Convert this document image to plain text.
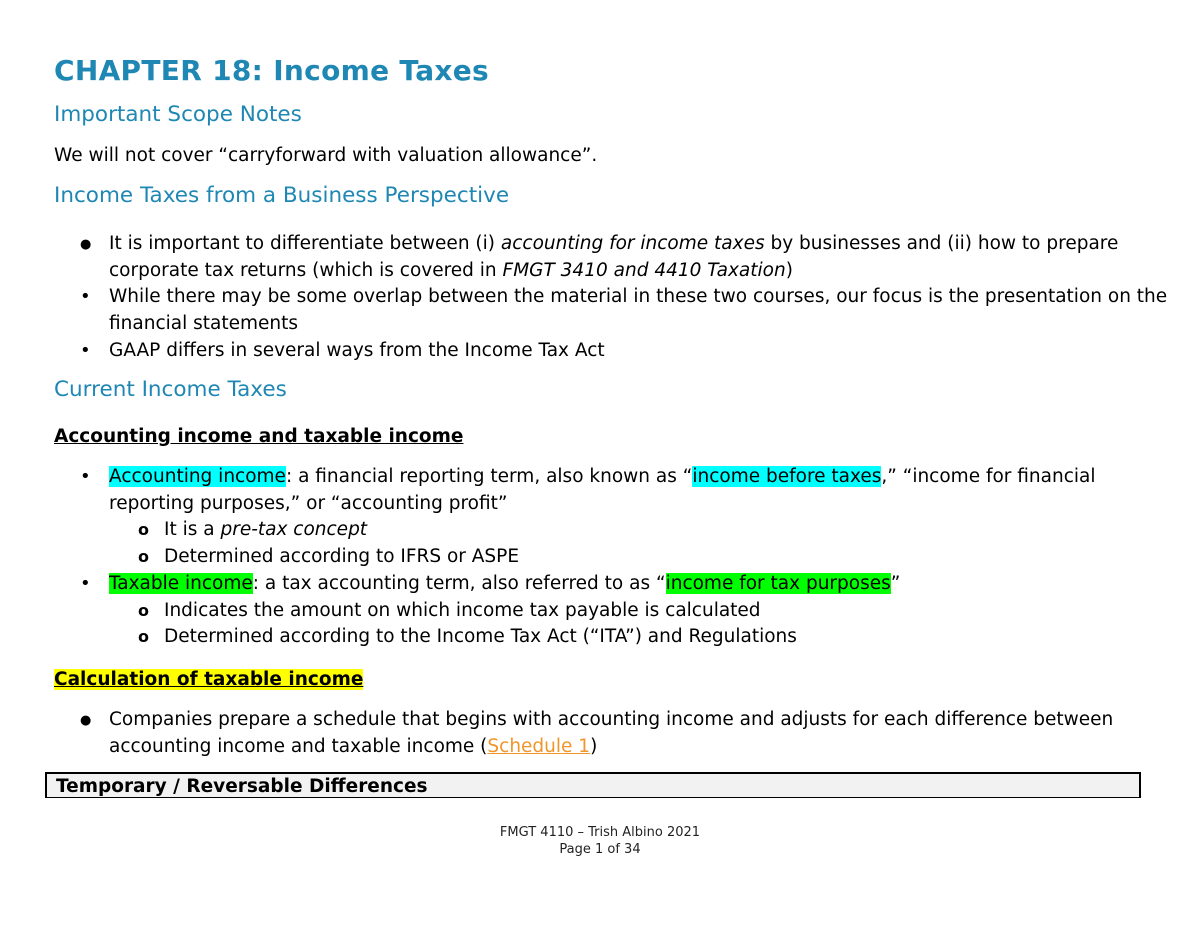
CHAPTER 18: Income Taxes
Important Scope Notes

We will not cover “carryforward with valuation allowance”.

Income Taxes from a Business Perspective
● It is important to differentiate between (i) accounting for income taxes by businesses and (ii) how to prepare corporate tax returns (which is covered in FMGT 3410 and 4410 Taxation)
• While there may be some overlap between the material in these two courses, our focus is the presentation on the financial statements
• GAAP differs in several ways from the Income Tax Act
Current Income Taxes

Accounting income and taxable income

• Accounting income: a financial reporting term, also known as “income before taxes,” “income for financial reporting purposes,” or “accounting profit”
o It is a pre-tax concept
o Determined according to IFRS or ASPE
• Taxable income: a tax accounting term, also referred to as “income for tax purposes”
o Indicates the amount on which income tax payable is calculated
o Determined according to the Income Tax Act (“ITA”) and Regulations

Calculation of taxable income

● Companies prepare a schedule that begins with accounting income and adjusts for each difference between accounting income and taxable income (Schedule 1)
Temporary / Reversable Differences
FMGT 4110 – Trish Albino 2021
Page 1 of 34
